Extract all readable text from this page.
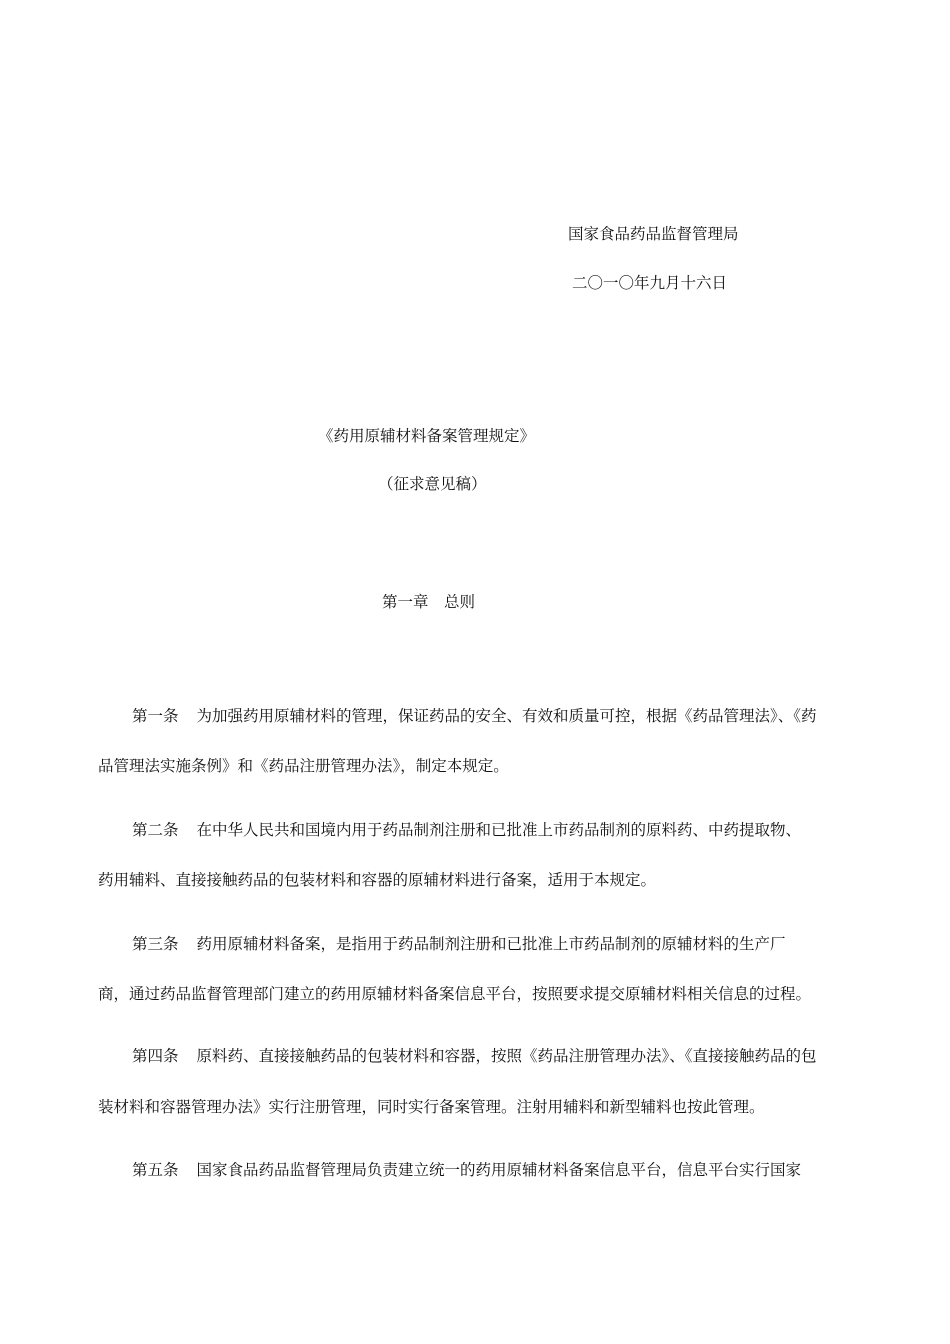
国家食品药品监督管理局
二〇一〇年九月十六日
《药用原辅材料备案管理规定》
（征求意见稿）
第一章　总则
第一条 为加强药用原辅材料的管理，保证药品的安全、有效和质量可控，根据《药品管理法》、《药
品管理法实施条例》和《药品注册管理办法》，制定本规定。
第二条 在中华人民共和国境内用于药品制剂注册和已批准上市药品制剂的原料药、中药提取物、
药用辅料、直接接触药品的包装材料和容器的原辅材料进行备案，适用于本规定。
第三条 药用原辅材料备案，是指用于药品制剂注册和已批准上市药品制剂的原辅材料的生产厂
商，通过药品监督管理部门建立的药用原辅材料备案信息平台，按照要求提交原辅材料相关信息的过程。
第四条 原料药、直接接触药品的包装材料和容器，按照《药品注册管理办法》、《直接接触药品的包
装材料和容器管理办法》实行注册管理，同时实行备案管理。注射用辅料和新型辅料也按此管理。
第五条 国家食品药品监督管理局负责建立统一的药用原辅材料备案信息平台，信息平台实行国家
